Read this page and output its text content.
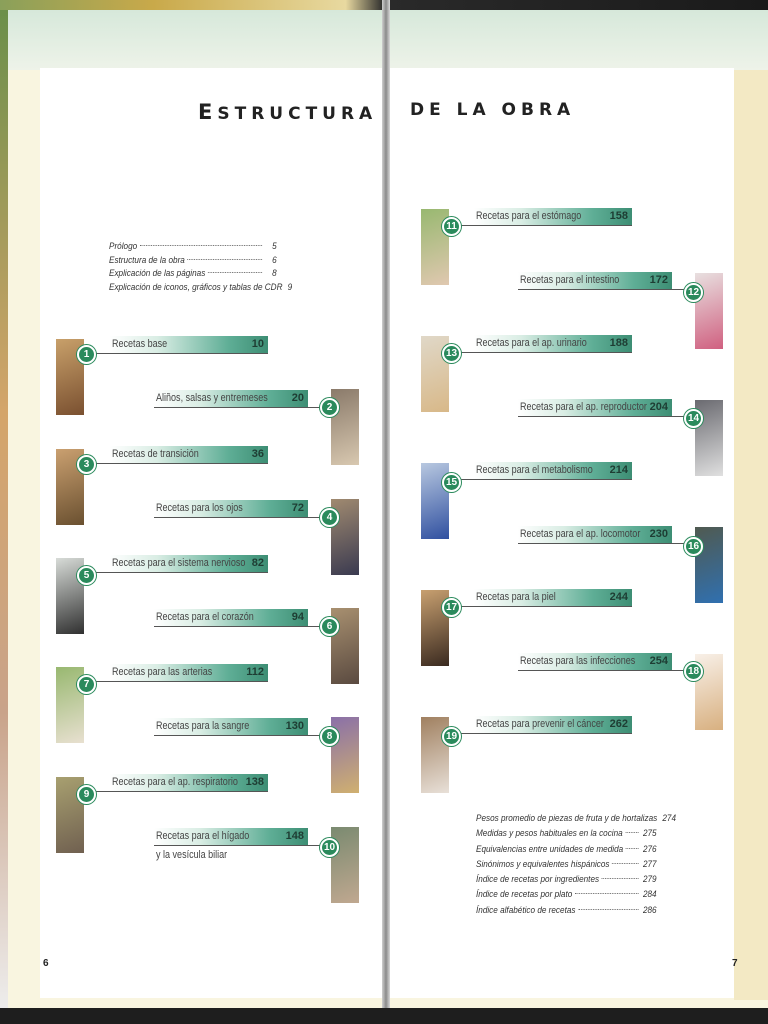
ESTRUCTURA DE LA OBRA
Prólogo	5
Estructura de la obra	6
Explicación de las páginas	8
Explicación de iconos, gráficos y tablas de CDR 9
Recetas base	10
1
Aliños, salsas y entremeses	20
2
Recetas de transición	36
3
Recetas para los ojos	72
4
Recetas para el sistema nervioso 82
5
Recetas para el corazón	94
6
Recetas para las arterias	112
7
Recetas para la sangre	130
8
Recetas para el ap. respiratorio 138
9
Recetas para el hígado
y la vesícula biliar
148
10
Recetas para el estómago	158
11
Recetas para el intestino	172
12
Recetas para el ap. urinario	188
13
Recetas para el ap. reproductor 204
14
Recetas para el metabolismo	214
15
Recetas para el ap. locomotor 230
16
Recetas para la piel	244
17
Recetas para las infecciones	254
18
Recetas para prevenir el cáncer 262
19
Pesos promedio de piezas de fruta y de hortalizas 274
Medidas y pesos habituales en la cocina 275
Equivalencias entre unidades de medida 276
Sinónimos y equivalentes hispánicos	277
Índice de recetas por ingredientes	279
Índice de recetas por plato	284
Índice alfabético de recetas	286
6	7
